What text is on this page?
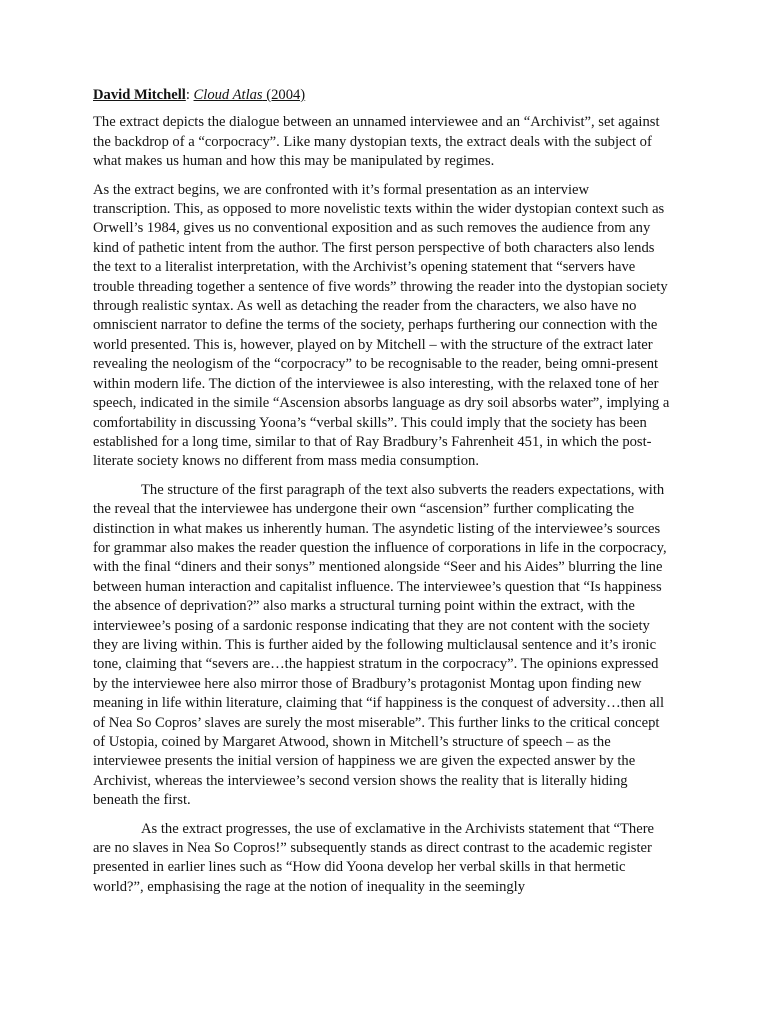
David Mitchell: Cloud Atlas (2004)

The extract depicts the dialogue between an unnamed interviewee and an “Archivist”, set against the backdrop of a “corpocracy”. Like many dystopian texts, the extract deals with the subject of what makes us human and how this may be manipulated by regimes.

As the extract begins, we are confronted with it’s formal presentation as an interview transcription. This, as opposed to more novelistic texts within the wider dystopian context such as Orwell’s 1984, gives us no conventional exposition and as such removes the audience from any kind of pathetic intent from the author. The first person perspective of both characters also lends the text to a literalist interpretation, with the Archivist’s opening statement that “servers have trouble threading together a sentence of five words” throwing the reader into the dystopian society through realistic syntax. As well as detaching the reader from the characters, we also have no omniscient narrator to define the terms of the society, perhaps furthering our connection with the world presented. This is, however, played on by Mitchell – with the structure of the extract later revealing the neologism of the “corpocracy” to be recognisable to the reader, being omni-present within modern life. The diction of the interviewee is also interesting, with the relaxed tone of her speech, indicated in the simile “Ascension absorbs language as dry soil absorbs water”, implying a comfortability in discussing Yoona’s “verbal skills”. This could imply that the society has been established for a long time, similar to that of Ray Bradbury’s Fahrenheit 451, in which the post-literate society knows no different from mass media consumption.

The structure of the first paragraph of the text also subverts the readers expectations, with the reveal that the interviewee has undergone their own “ascension” further complicating the distinction in what makes us inherently human. The asyndetic listing of the interviewee’s sources for grammar also makes the reader question the influence of corporations in life in the corpocracy, with the final “diners and their sonys” mentioned alongside “Seer and his Aides” blurring the line between human interaction and capitalist influence. The interviewee’s question that “Is happiness the absence of deprivation?” also marks a structural turning point within the extract, with the interviewee’s posing of a sardonic response indicating that they are not content with the society they are living within. This is further aided by the following multiclausal sentence and it’s ironic tone, claiming that “severs are…the happiest stratum in the corpocracy”. The opinions expressed by the interviewee here also mirror those of Bradbury’s protagonist Montag upon finding new meaning in life within literature, claiming that “if happiness is the conquest of adversity…then all of Nea So Copros’ slaves are surely the most miserable”. This further links to the critical concept of Ustopia, coined by Margaret Atwood, shown in Mitchell’s structure of speech – as the interviewee presents the initial version of happiness we are given the expected answer by the Archivist, whereas the interviewee’s second version shows the reality that is literally hiding beneath the first.

As the extract progresses, the use of exclamative in the Archivists statement that “There are no slaves in Nea So Copros!” subsequently stands as direct contrast to the academic register presented in earlier lines such as “How did Yoona develop her verbal skills in that hermetic world?”, emphasising the rage at the notion of inequality in the seemingly
